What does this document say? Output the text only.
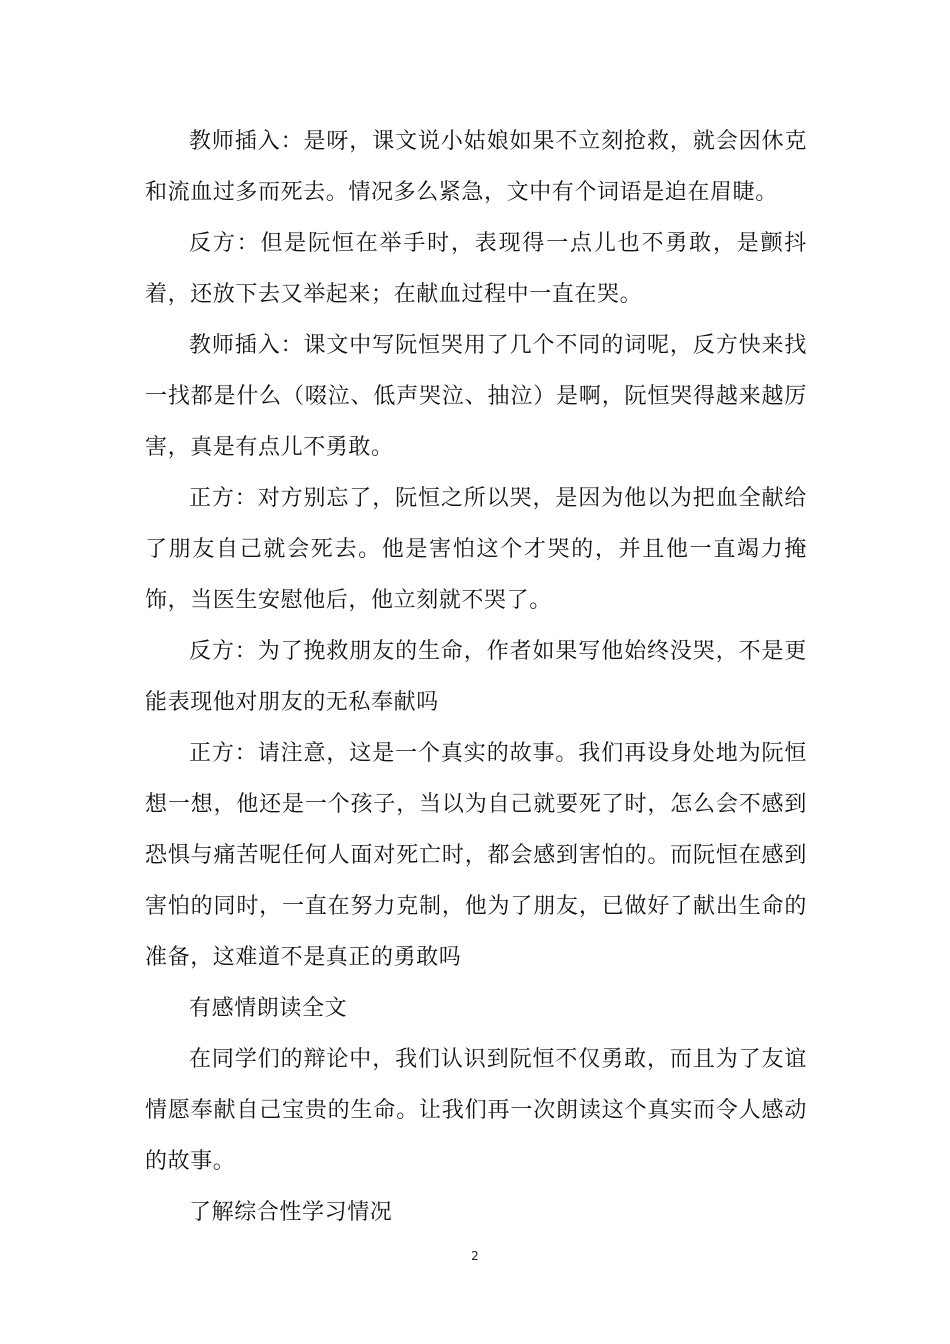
教师插入：是呀，课文说小姑娘如果不立刻抢救，就会因休克和流血过多而死去。情况多么紧急，文中有个词语是迫在眉睫。

反方：但是阮恒在举手时，表现得一点儿也不勇敢，是颤抖着，还放下去又举起来；在献血过程中一直在哭。

教师插入：课文中写阮恒哭用了几个不同的词呢，反方快来找一找都是什么（啜泣、低声哭泣、抽泣）是啊，阮恒哭得越来越厉害，真是有点儿不勇敢。

正方：对方别忘了，阮恒之所以哭，是因为他以为把血全献给了朋友自己就会死去。他是害怕这个才哭的，并且他一直竭力掩饰，当医生安慰他后，他立刻就不哭了。

反方：为了挽救朋友的生命，作者如果写他始终没哭，不是更能表现他对朋友的无私奉献吗

正方：请注意，这是一个真实的故事。我们再设身处地为阮恒想一想，他还是一个孩子，当以为自己就要死了时，怎么会不感到恐惧与痛苦呢任何人面对死亡时，都会感到害怕的。而阮恒在感到害怕的同时，一直在努力克制，他为了朋友，已做好了献出生命的准备，这难道不是真正的勇敢吗

有感情朗读全文

在同学们的辩论中，我们认识到阮恒不仅勇敢，而且为了友谊情愿奉献自己宝贵的生命。让我们再一次朗读这个真实而令人感动的故事。

了解综合性学习情况

2
